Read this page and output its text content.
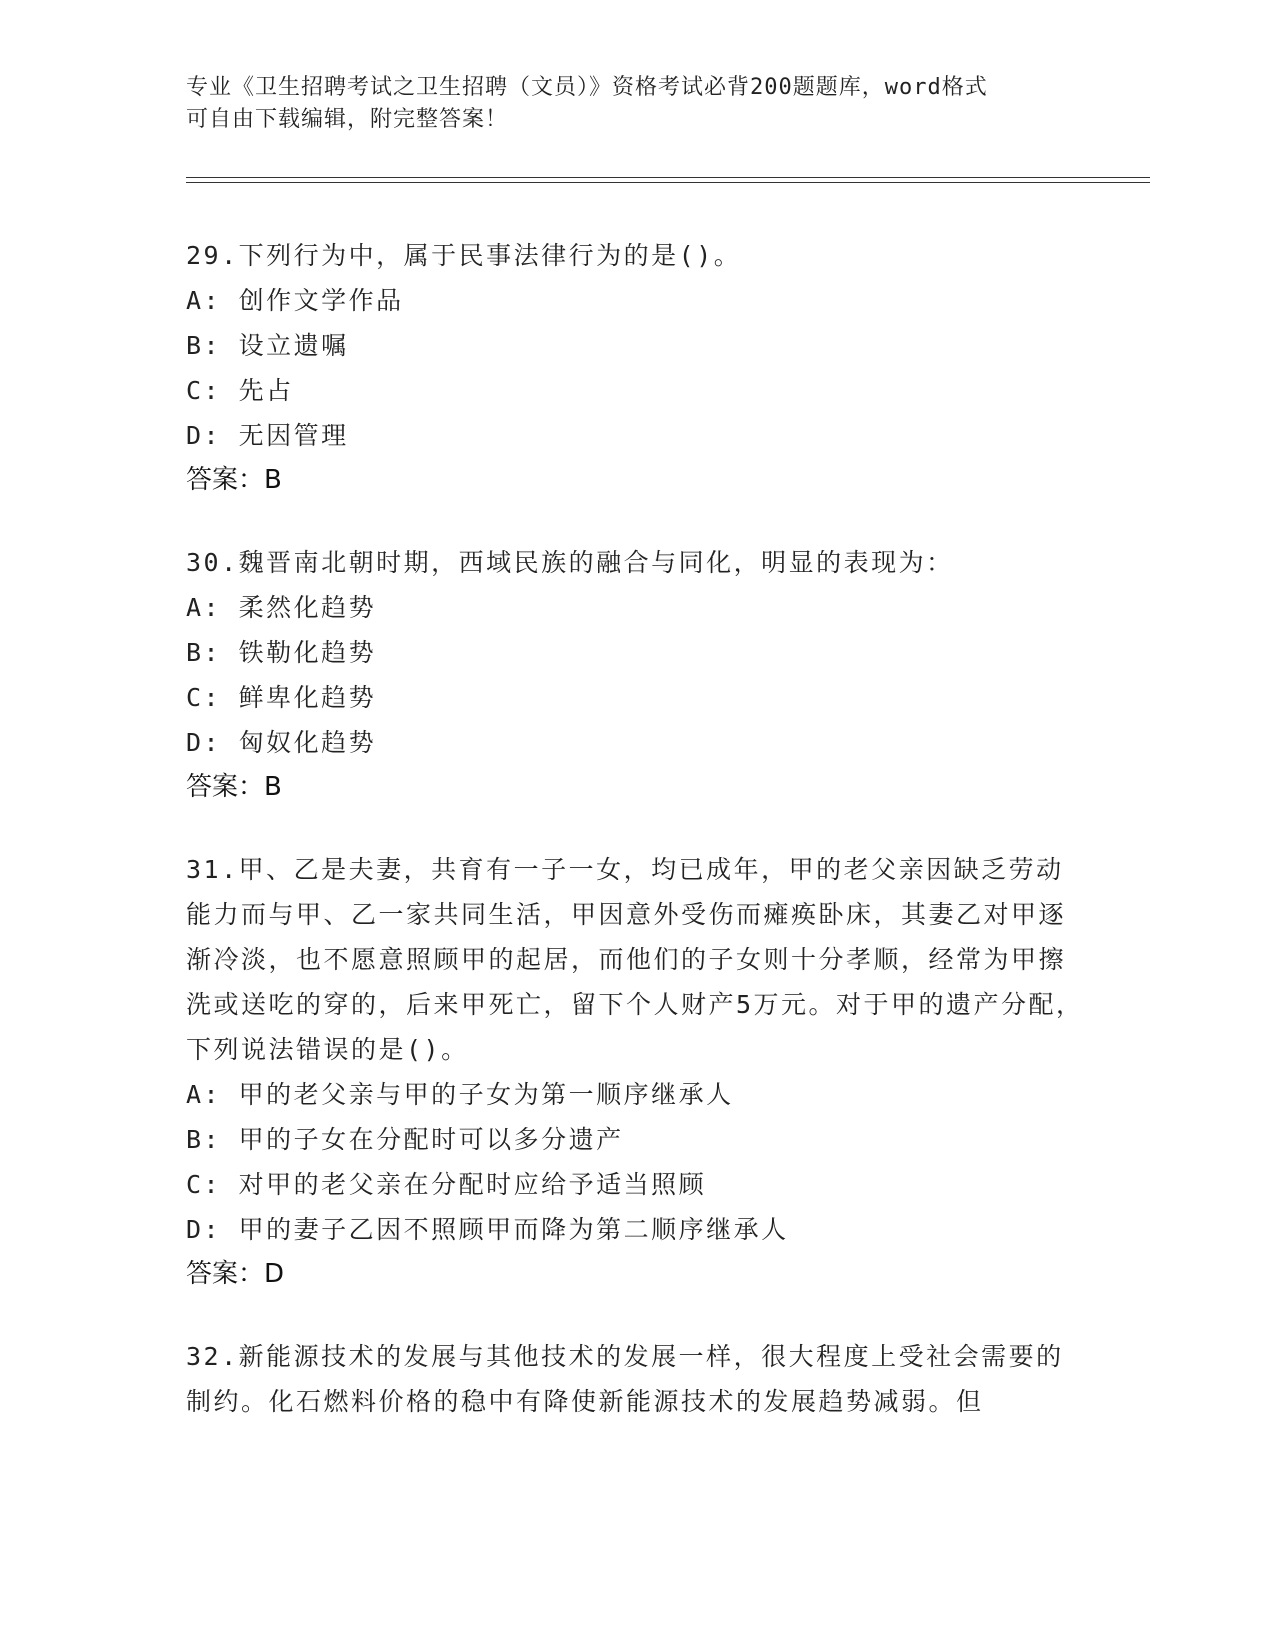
专业《卫生招聘考试之卫生招聘（文员）》资格考试必背200题题库，word格式
可自由下载编辑，附完整答案！
29.下列行为中，属于民事法律行为的是()。
A: 创作文学作品
B: 设立遗嘱
C: 先占
D: 无因管理
答案：B
30.魏晋南北朝时期，西域民族的融合与同化，明显的表现为：
A: 柔然化趋势
B: 铁勒化趋势
C: 鲜卑化趋势
D: 匈奴化趋势
答案：B
31.甲、乙是夫妻，共育有一子一女，均已成年，甲的老父亲因缺乏劳动能力而与甲、乙一家共同生活，甲因意外受伤而瘫痪卧床，其妻乙对甲逐渐冷淡，也不愿意照顾甲的起居，而他们的子女则十分孝顺，经常为甲擦洗或送吃的穿的，后来甲死亡，留下个人财产5万元。对于甲的遗产分配，下列说法错误的是()。
A: 甲的老父亲与甲的子女为第一顺序继承人
B: 甲的子女在分配时可以多分遗产
C: 对甲的老父亲在分配时应给予适当照顾
D: 甲的妻子乙因不照顾甲而降为第二顺序继承人
答案：D
32.新能源技术的发展与其他技术的发展一样，很大程度上受社会需要的制约。化石燃料价格的稳中有降使新能源技术的发展趋势减弱。但
